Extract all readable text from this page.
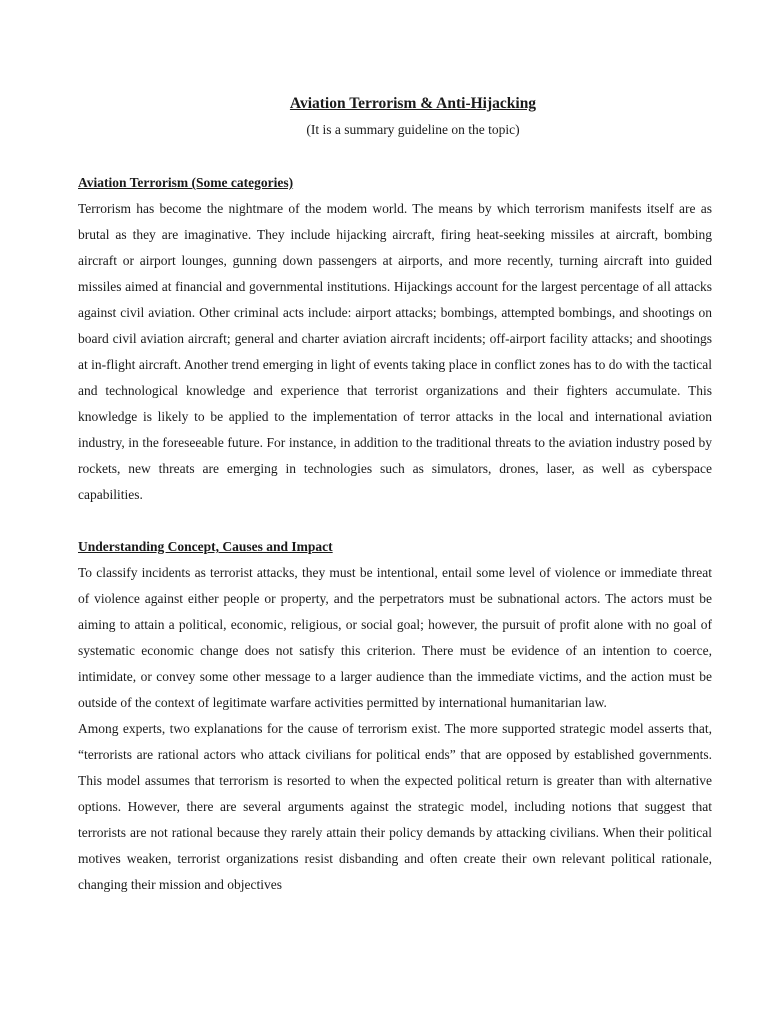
Aviation Terrorism & Anti-Hijacking

(It is a summary guideline on the topic)

Aviation Terrorism (Some categories)

Terrorism has become the nightmare of the modem world. The means by which terrorism manifests itself are as brutal as they are imaginative. They include hijacking aircraft, firing heat-seeking missiles at aircraft, bombing aircraft or airport lounges, gunning down passengers at airports, and more recently, turning aircraft into guided missiles aimed at financial and governmental institutions. Hijackings account for the largest percentage of all attacks against civil aviation. Other criminal acts include: airport attacks; bombings, attempted bombings, and shootings on board civil aviation aircraft; general and charter aviation aircraft incidents; off-airport facility attacks; and shootings at in-flight aircraft. Another trend emerging in light of events taking place in conflict zones has to do with the tactical and technological knowledge and experience that terrorist organizations and their fighters accumulate. This knowledge is likely to be applied to the implementation of terror attacks in the local and international aviation industry, in the foreseeable future. For instance, in addition to the traditional threats to the aviation industry posed by rockets, new threats are emerging in technologies such as simulators, drones, laser, as well as cyberspace capabilities.

Understanding Concept, Causes and Impact

To classify incidents as terrorist attacks, they must be intentional, entail some level of violence or immediate threat of violence against either people or property, and the perpetrators must be subnational actors. The actors must be aiming to attain a political, economic, religious, or social goal; however, the pursuit of profit alone with no goal of systematic economic change does not satisfy this criterion. There must be evidence of an intention to coerce, intimidate, or convey some other message to a larger audience than the immediate victims, and the action must be outside of the context of legitimate warfare activities permitted by international humanitarian law.

Among experts, two explanations for the cause of terrorism exist. The more supported strategic model asserts that, “terrorists are rational actors who attack civilians for political ends” that are opposed by established governments. This model assumes that terrorism is resorted to when the expected political return is greater than with alternative options. However, there are several arguments against the strategic model, including notions that suggest that terrorists are not rational because they rarely attain their policy demands by attacking civilians. When their political motives weaken, terrorist organizations resist disbanding and often create their own relevant political rationale, changing their mission and objectives
